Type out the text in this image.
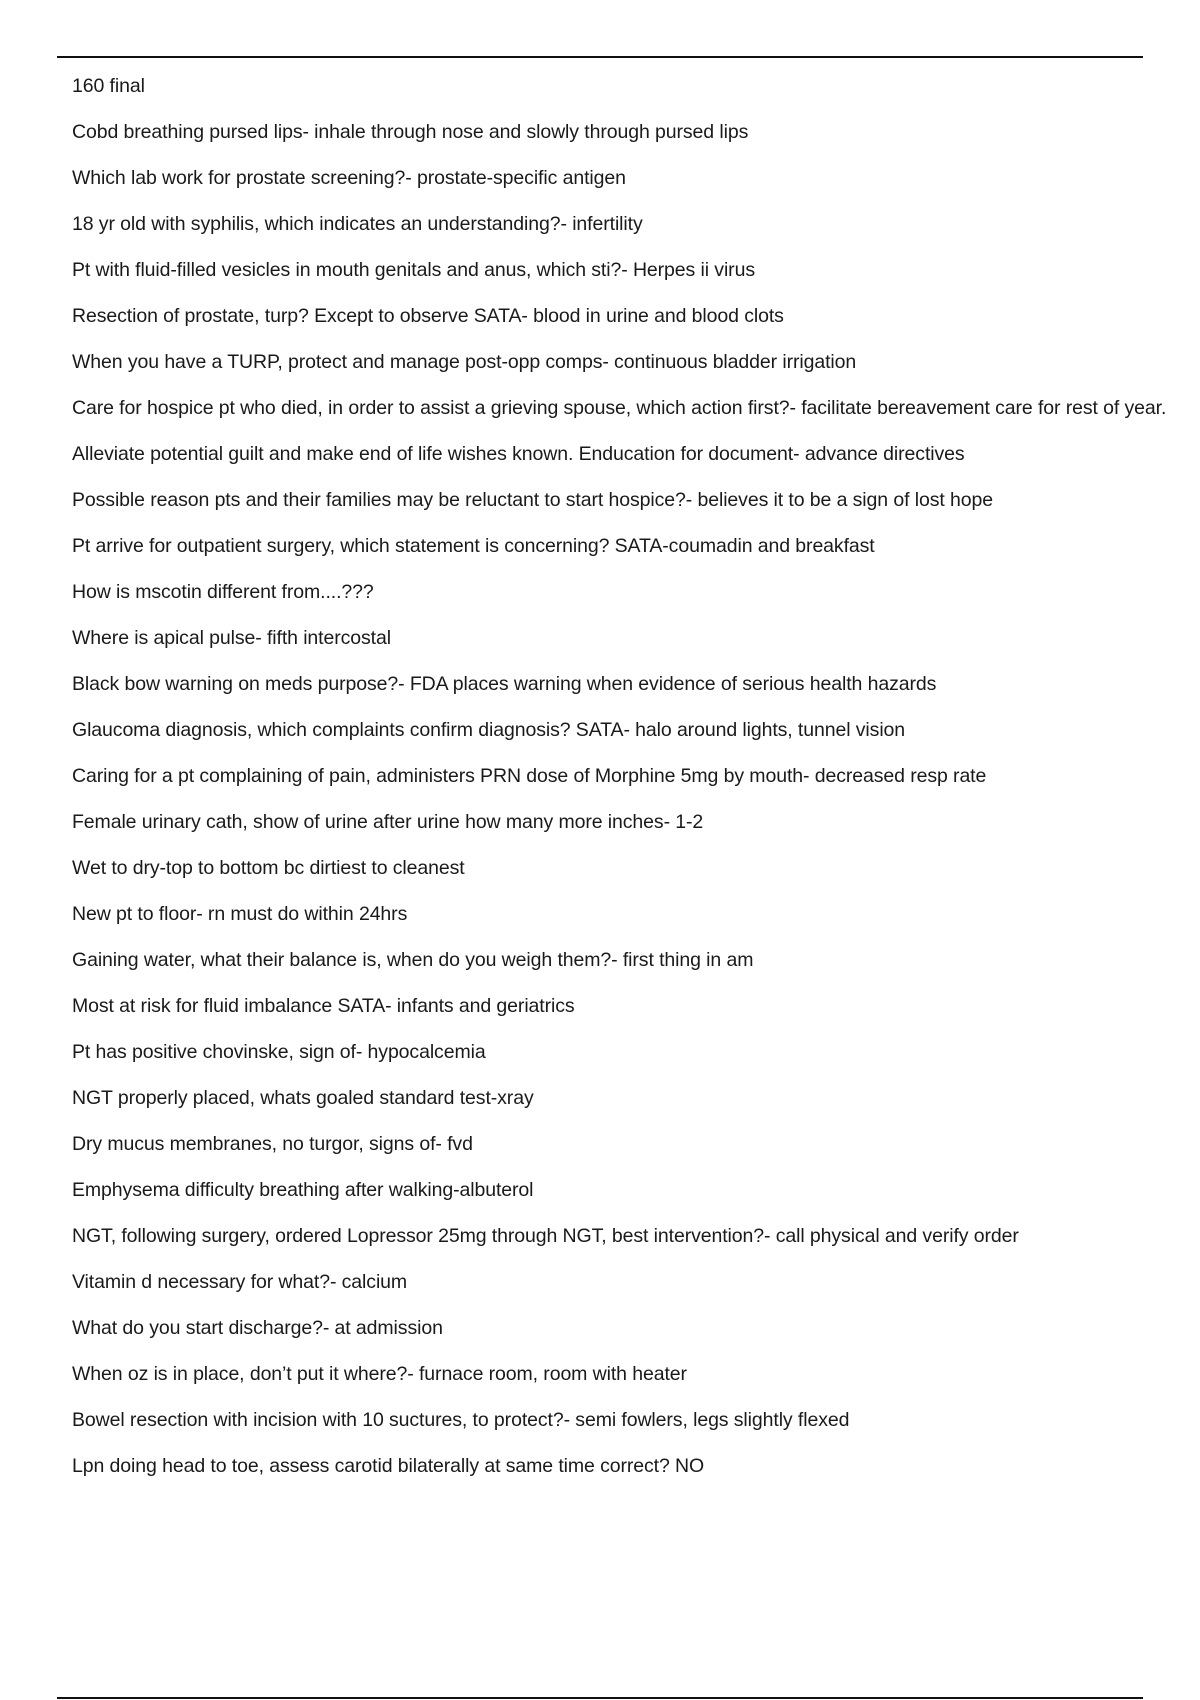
160 final

Cobd breathing pursed lips- inhale through nose and slowly through pursed lips

Which lab work for prostate screening?- prostate-specific antigen

18 yr old with syphilis, which indicates an understanding?- infertility

Pt with fluid-filled vesicles in mouth genitals and anus, which sti?- Herpes ii virus

Resection of prostate, turp? Except to observe SATA- blood in urine and blood clots

When you have a TURP, protect and manage post-opp comps- continuous bladder irrigation

Care for hospice pt who died, in order to assist a grieving spouse, which action first?- facilitate bereavement care for rest of year.

Alleviate potential guilt and make end of life wishes known. Enducation for document- advance directives

Possible reason pts and their families may be reluctant to start hospice?- believes it to be a sign of lost hope

Pt arrive for outpatient surgery, which statement is concerning? SATA-coumadin and breakfast

How is mscotin different from....???

Where is apical pulse- fifth intercostal

Black bow warning on meds purpose?- FDA places warning when evidence of serious health hazards

Glaucoma diagnosis, which complaints confirm diagnosis? SATA- halo around lights, tunnel vision

Caring for a pt complaining of pain, administers PRN dose of Morphine 5mg by mouth- decreased resp rate

Female urinary cath, show of urine after urine how many more inches- 1-2

Wet to dry-top to bottom bc dirtiest to cleanest

New pt to floor- rn must do within 24hrs

Gaining water, what their balance is, when do you weigh them?- first thing in am

Most at risk for fluid imbalance SATA- infants and geriatrics

Pt has positive chovinske, sign of- hypocalcemia

NGT properly placed, whats goaled standard test-xray

Dry mucus membranes, no turgor, signs of- fvd

Emphysema difficulty breathing after walking-albuterol

NGT, following surgery, ordered Lopressor 25mg through NGT, best intervention?- call physical and verify order

Vitamin d necessary for what?- calcium

What do you start discharge?- at admission

When oz is in place, don’t put it where?- furnace room, room with heater

Bowel resection with incision with 10 suctures, to protect?- semi fowlers, legs slightly flexed

Lpn doing head to toe, assess carotid bilaterally at same time correct? NO
